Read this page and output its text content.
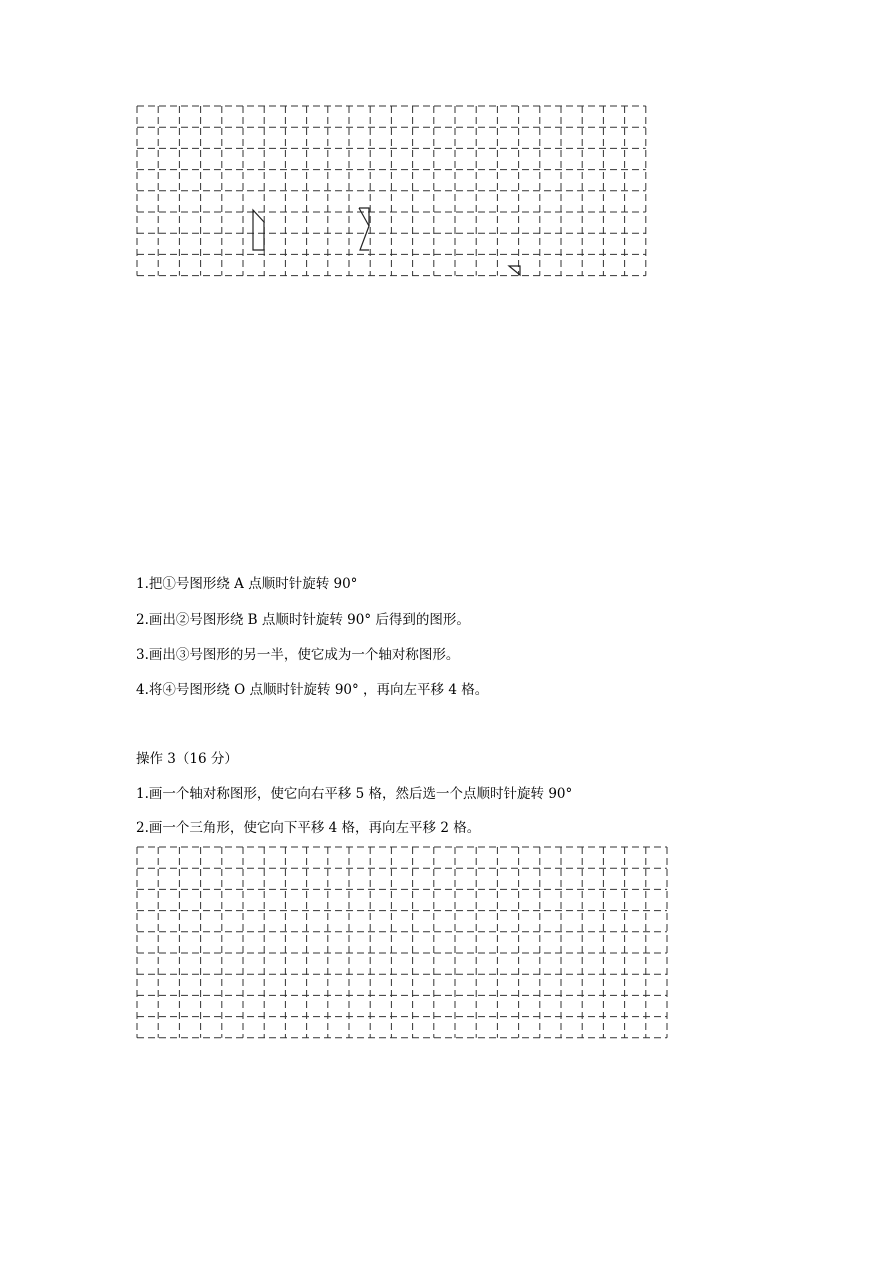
1.把①号图形绕 A 点顺时针旋转 90°
2.画出②号图形绕 B 点顺时针旋转 90° 后得到的图形。
3.画出③号图形的另一半，使它成为一个轴对称图形。
4.将④号图形绕 O 点顺时针旋转 90° ，再向左平移 4 格。
操作 3（16 分）
1.画一个轴对称图形，使它向右平移 5 格，然后选一个点顺时针旋转 90°
2.画一个三角形，使它向下平移 4 格，再向左平移 2 格。
